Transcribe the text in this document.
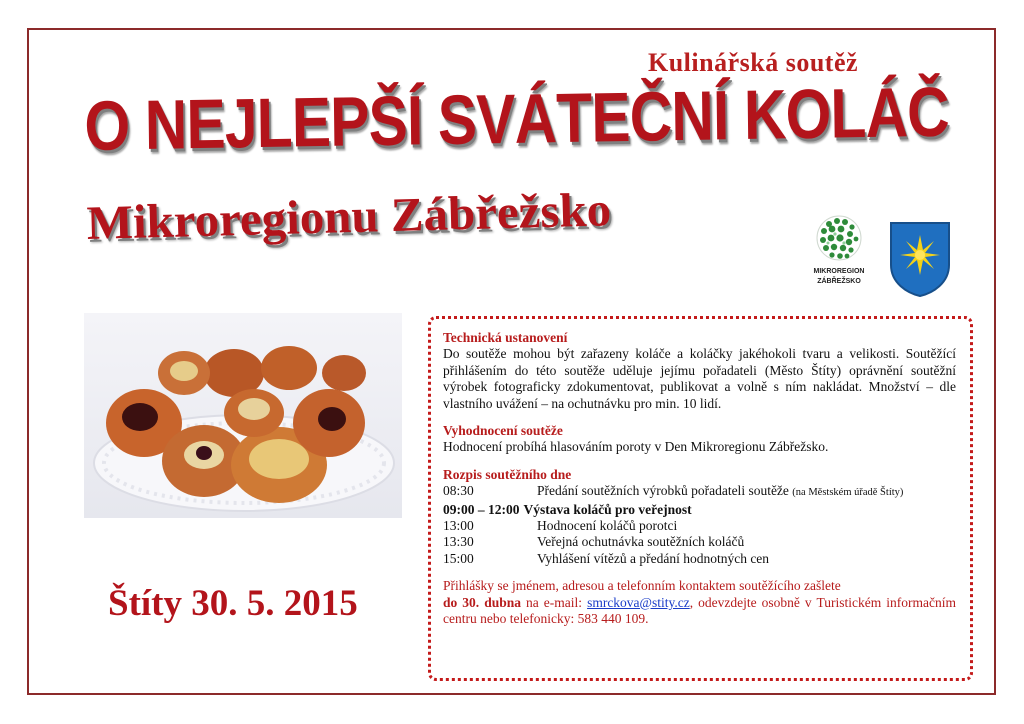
Kulinářská soutěž
O NEJLEPŠÍ SVÁTEČNÍ KOLÁČ
Mikroregionu Zábřežsko
MIKROREGION
ZÁBŘEŽSKO
Štíty 30. 5. 2015
Technická ustanovení
Do soutěže mohou být zařazeny koláče a koláčky jakéhokoli tvaru a velikosti. Soutěžící přihlášením do této soutěže uděluje jejímu pořadateli (Město Štíty) oprávnění soutěžní výrobek fotograficky zdokumentovat, publikovat a volně s ním nakládat. Množství – dle vlastního uvážení – na ochutnávku pro min. 10 lidí.
Vyhodnocení soutěže
Hodnocení probíhá hlasováním poroty v Den Mikroregionu Zábřežsko.
Rozpis soutěžního dne
08:30	Předání soutěžních výrobků pořadateli soutěže (na Městském úřadě Štíty)
09:00 – 12:00 Výstava koláčů pro veřejnost
13:00	Hodnocení koláčů porotci
13:30	Veřejná ochutnávka soutěžních koláčů
15:00	Vyhlášení vítězů a předání hodnotných cen
Přihlášky se jménem, adresou a telefonním kontaktem soutěžícího zašlete
do 30. dubna na e-mail: smrckova@stity.cz, odevzdejte osobně v Turistickém informačním centru nebo telefonicky: 583 440 109.
